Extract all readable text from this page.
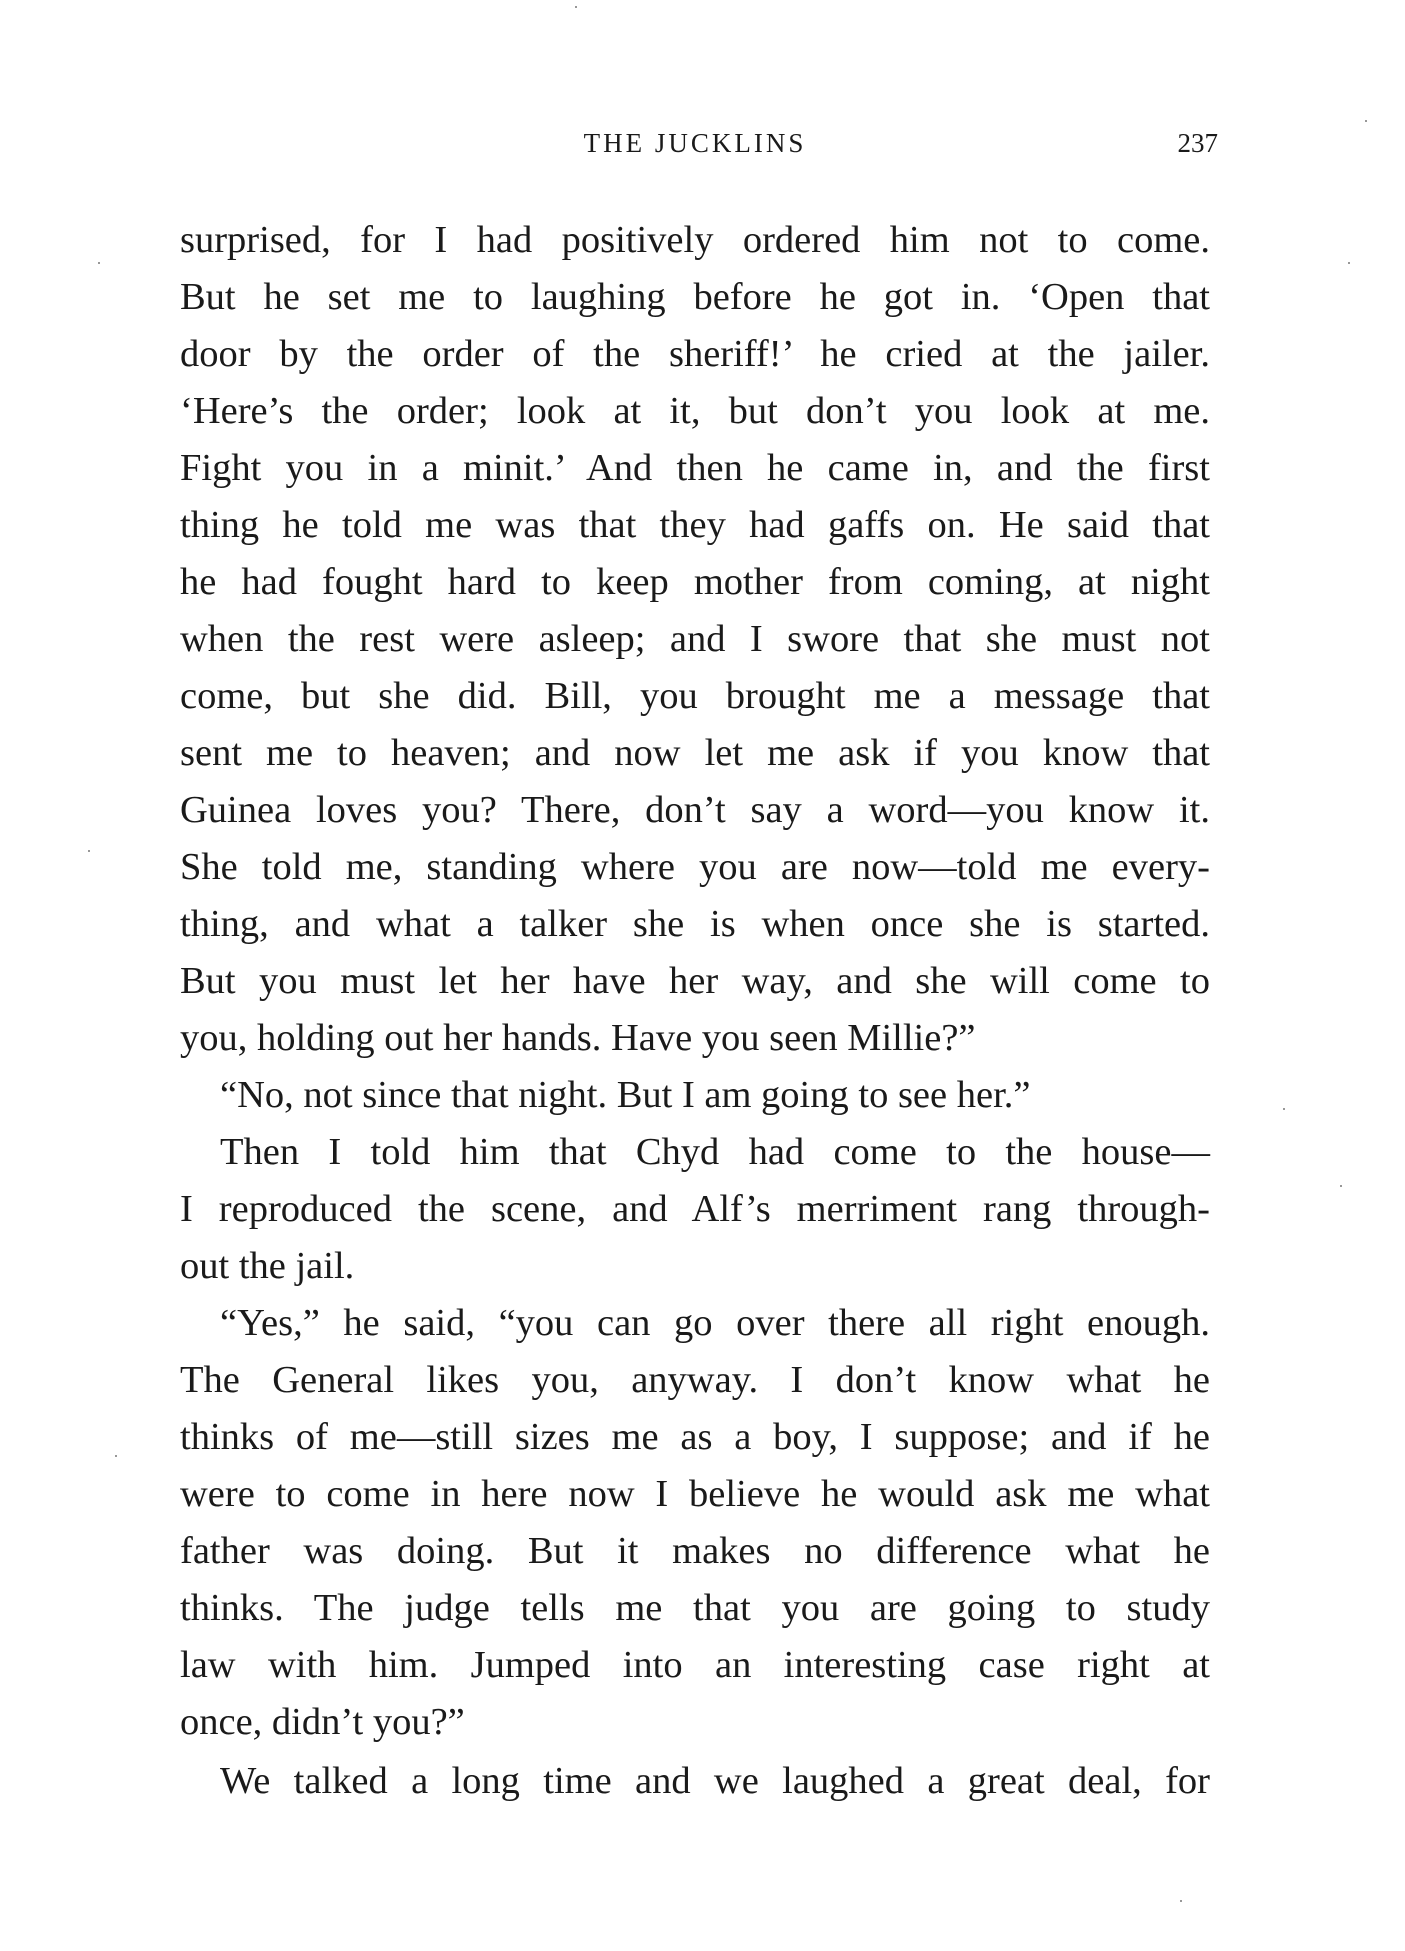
THE JUCKLINS	237
surprised, for I had positively ordered him not to come.
But he set me to laughing before he got in. ‘Open that
door by the order of the sheriff!’ he cried at the jailer.
‘Here’s the order; look at it, but don’t you look at me.
Fight you in a minit.’ And then he came in, and the first
thing he told me was that they had gaffs on. He said that
he had fought hard to keep mother from coming, at night
when the rest were asleep; and I swore that she must not
come, but she did. Bill, you brought me a message that
sent me to heaven; and now let me ask if you know that
Guinea loves you? There, don’t say a word—you know it.
She told me, standing where you are now—told me every-
thing, and what a talker she is when once she is started.
But you must let her have her way, and she will come to
you, holding out her hands. Have you seen Millie?”
“No, not since that night. But I am going to see her.”
Then I told him that Chyd had come to the house—
I reproduced the scene, and Alf’s merriment rang through-
out the jail.
“Yes,” he said, “you can go over there all right enough.
The General likes you, anyway. I don’t know what he
thinks of me—still sizes me as a boy, I suppose; and if he
were to come in here now I believe he would ask me what
father was doing. But it makes no difference what he
thinks. The judge tells me that you are going to study
law with him. Jumped into an interesting case right at
once, didn’t you?”
We talked a long time and we laughed a great deal, for
